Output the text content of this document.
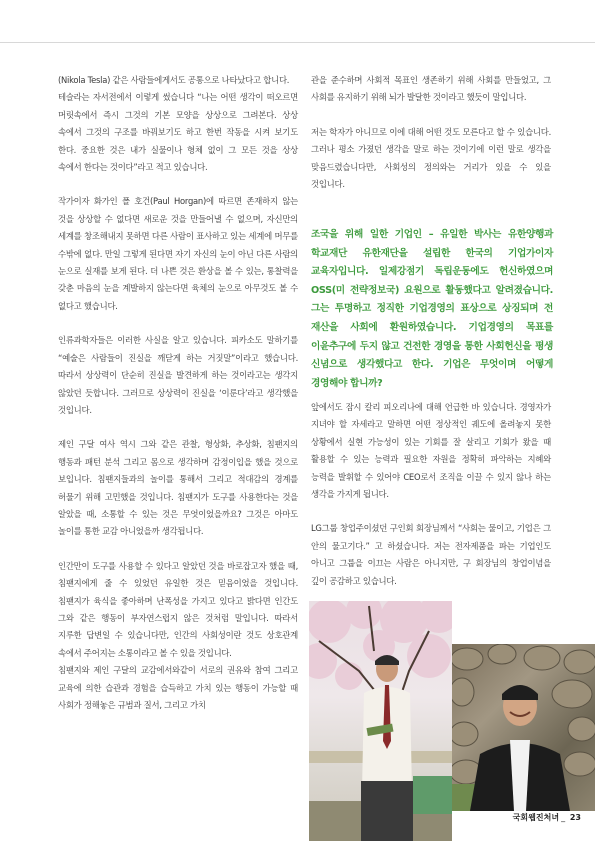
(Nikola Tesla) 같은 사람들에게서도 공통으로 나타났다고 합니다.

테슬라는 자서전에서 이렇게 썼습니다 “나는 어떤 생각이 떠오르면 머릿속에서 즉시 그것의 기본 모양을 상상으로 그려본다. 상상 속에서 그것의 구조를 바꿔보기도 하고 한번 작동을 시켜 보기도 한다. 중요한 것은 내가 실물이나 형체 없이 그 모든 것을 상상 속에서 한다는 것이다”라고 적고 있습니다.

작가이자 화가인 폴 호건(Paul Horgan)에 따르면 존재하지 않는 것을 상상할 수 없다면 새로운 것을 만들어낼 수 없으며, 자신만의 세계를 창조해내지 못하면 다른 사람이 표사하고 있는 세계에 머무를 수밖에 없다. 만일 그렇게 된다면 자기 자신의 눈이 아닌 다른 사람의 눈으로 실재를 보게 된다. 더 나쁜 것은 환상을 볼 수 있는, 통찰력을 갖춘 마음의 눈을 계발하지 않는다면 육체의 눈으로 아무것도 볼 수 없다고 했습니다.

인류과학자들은 이러한 사실을 알고 있습니다. 피카소도 말하기를 “예술은 사람들이 진실을 깨닫게 하는 거짓말”이라고 했습니다. 따라서 상상력이 단순히 진실을 발견하게 하는 것이라고는 생각지 않았던 듯합니다. 그러므로 상상력이 진실을 ‘이룬다’라고 생각했을 것입니다.

제인 구달 여사 역시 그와 같은 관찰, 형상화, 추상화, 침팬지의 행동과 패턴 분석 그리고 몸으로 생각하며 감정이입을 했을 것으로 보입니다. 침팬지들과의 놀이를 통해서 그리고 적대감의 경계를 허물기 위해 고민했을 것입니다. 침팬지가 도구를 사용한다는 것을 알았을 때, 소통할 수 있는 것은 무엇이었을까요? 그것은 아마도 놀이를 통한 교감 아니었을까 생각됩니다.

인간만이 도구를 사용할 수 있다고 알았던 것을 바로잡고자 했을 때, 침팬지에게 줄 수 있었던 유일한 것은 믿음이었을 것입니다. 침팬지가 육식을 좋아하며 난폭성을 가지고 있다고 밝다면 인간도 그와 같은 행동이 부자연스럽지 않은 것처럼 말입니다. 따라서 지루한 답변일 수 있습니다만, 인간의 사회성이란 것도 상호관계 속에서 주어지는 소통이라고 볼 수 있을 것입니다.

침팬지와 제인 구달의 교감에서와같이 서로의 권유와 참여 그리고 교육에 의한 습관과 경험을 습득하고 가치 있는 행동이 가능할 때 사회가 정해놓은 규범과 질서, 그리고 가치

관을 준수하며 사회적 목표인 생존하기 위해 사회를 만들었고, 그 사회를 유지하기 위해 뇌가 발달한 것이라고 했듯이 말입니다.

저는 학자가 아니므로 이에 대해 어떤 것도 모른다고 할 수 있습니다. 그러나 평소 가졌던 생각을 말로 하는 것이기에 이런 말로 생각을 맞음드렸습니다만, 사회성의 정의와는 거리가 있을 수 있을 것입니다.

조국을 위해 일한 기업인 – 유일한 박사는 유한양행과 학교재단 유한재단을 설립한 한국의 기업가이자 교육자입니다. 일제강점기 독립운동에도 헌신하였으며 OSS(미 전략정보국) 요원으로 활동했다고 알려졌습니다. 그는 투명하고 정직한 기업경영의 표상으로 상징되며 전 재산을 사회에 환원하였습니다. 기업경영의 목표를 이윤추구에 두지 않고 건전한 경영을 통한 사회헌신을 평생 신념으로 생각했다고 한다. 기업은 무엇이며 어떻게 경영해야 합니까?

앞에서도 잠시 칼리 피오리나에 대해 언급한 바 있습니다. 경영자가 지녀야 할 자세라고 말하면 어떤 정상적인 궤도에 올려놓지 못한 상황에서 실현 가능성이 있는 기회를 잘 살리고 기회가 왔을 때 활용할 수 있는 능력과 필요한 자원을 정확히 파악하는 지혜와 능력을 발휘할 수 있어야 CEO로서 조직을 이끌 수 있지 않나 하는 생각을 가지게 됩니다.

LG그룹 창업주이셨던 구인회 회장님께서 “사회는 물이고, 기업은 그 안의 물고기다.” 고 하셨습니다. 저는 전자제품을 파는 기업인도 아니고 그룹을 이끄는 사람은 아니지만, 구 회장님의 창업이념을 깊이 공감하고 있습니다.

국회웹진처녀 _ 23
